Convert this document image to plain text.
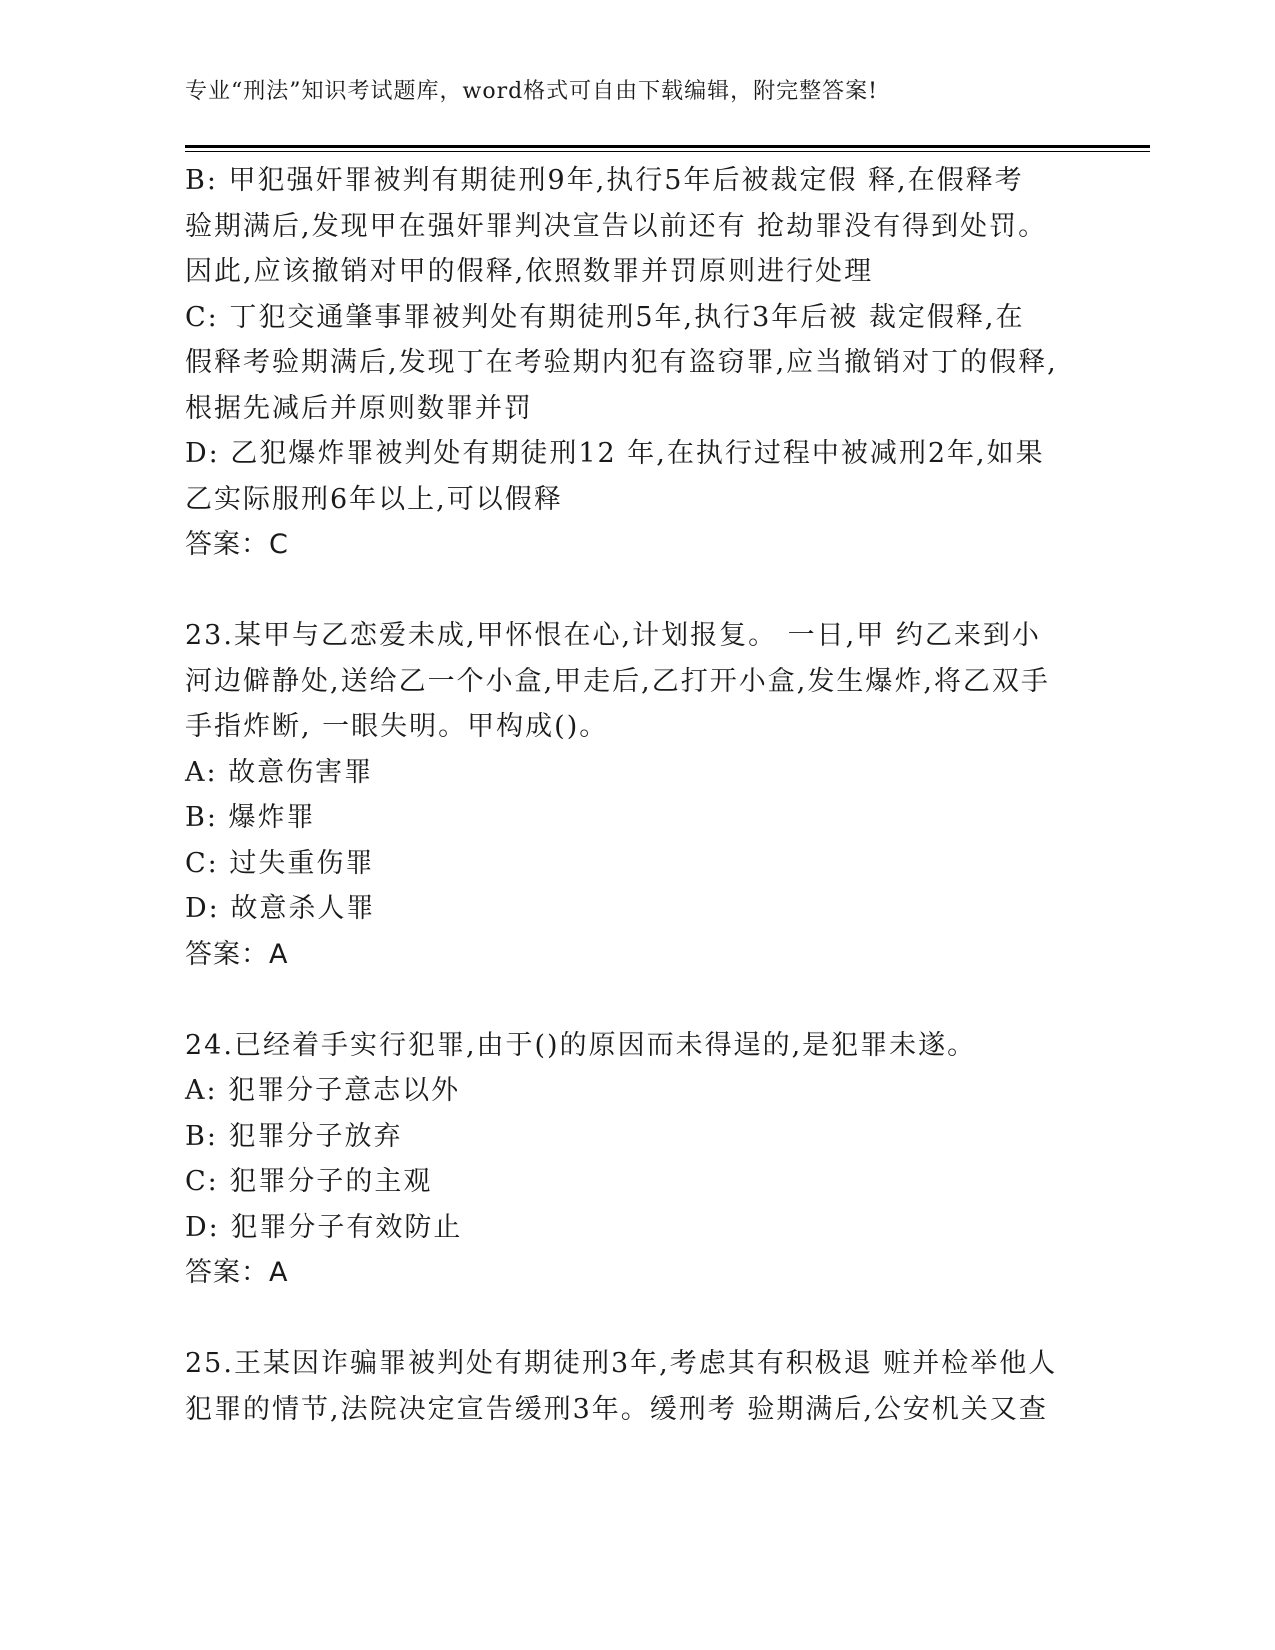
专业“刑法”知识考试题库，word格式可自由下载编辑，附完整答案!
B: 甲犯强奸罪被判有期徒刑9年,执行5年后被裁定假 释,在假释考
验期满后,发现甲在强奸罪判决宣告以前还有 抢劫罪没有得到处罚。
因此,应该撤销对甲的假释,依照数罪并罚原则进行处理
C: 丁犯交通肇事罪被判处有期徒刑5年,执行3年后被 裁定假释,在
假释考验期满后,发现丁在考验期内犯有盗窃罪,应当撤销对丁的假释,
根据先减后并原则数罪并罚
D: 乙犯爆炸罪被判处有期徒刑12 年,在执行过程中被减刑2年,如果
乙实际服刑6年以上,可以假释
答案：C
23.某甲与乙恋爱未成,甲怀恨在心,计划报复。 一日,甲 约乙来到小
河边僻静处,送给乙一个小盒,甲走后,乙打开小盒,发生爆炸,将乙双手
手指炸断, 一眼失明。甲构成()。
A: 故意伤害罪
B: 爆炸罪
C: 过失重伤罪
D: 故意杀人罪
答案：A
24.已经着手实行犯罪,由于()的原因而未得逞的,是犯罪未遂。
A: 犯罪分子意志以外
B: 犯罪分子放弃
C: 犯罪分子的主观
D: 犯罪分子有效防止
答案：A
25.王某因诈骗罪被判处有期徒刑3年,考虑其有积极退 赃并检举他人
犯罪的情节,法院决定宣告缓刑3年。缓刑考 验期满后,公安机关又查
